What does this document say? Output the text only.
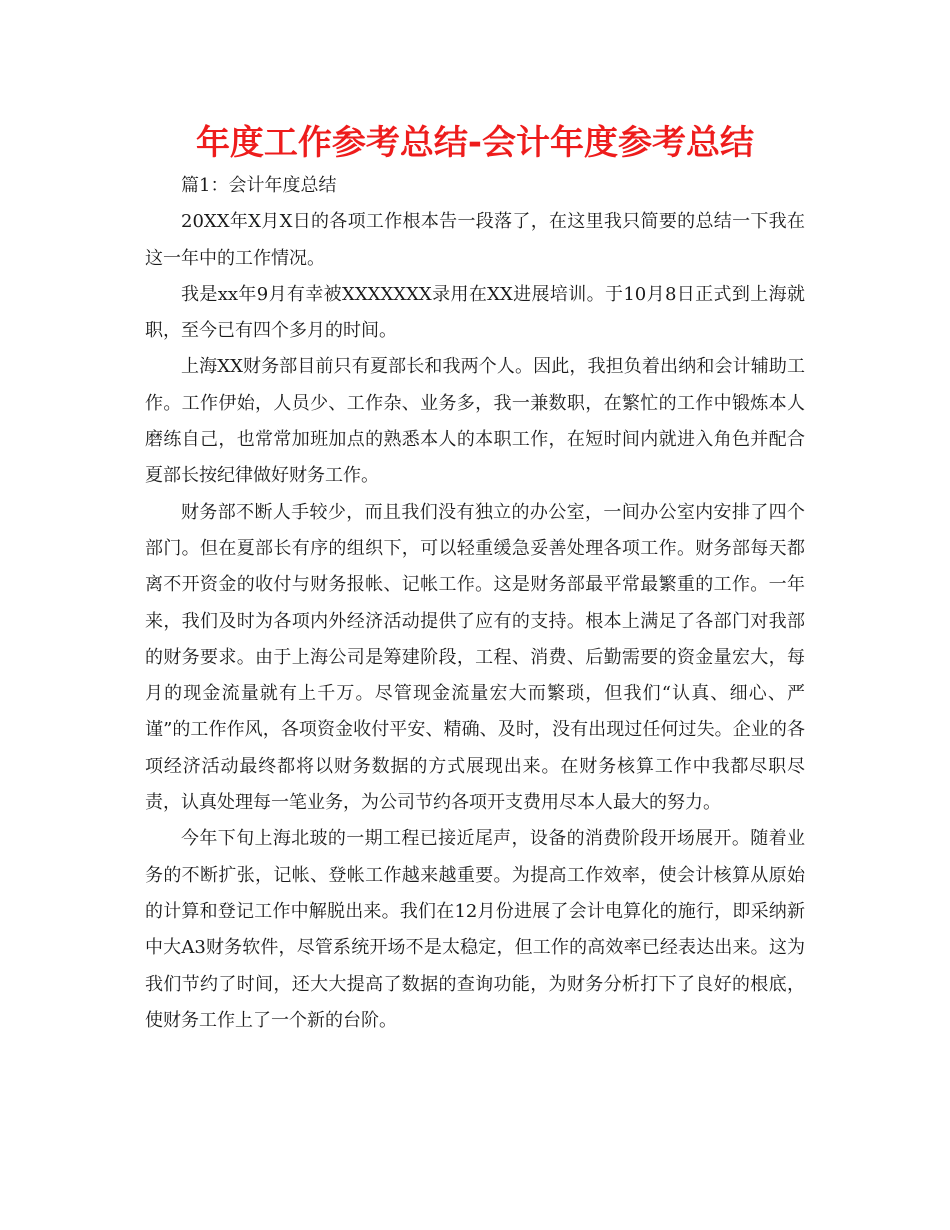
年度工作参考总结-会计年度参考总结

篇1：会计年度总结

20XX年X月X日的各项工作根本告一段落了，在这里我只简要的总结一下我在这一年中的工作情况。

我是xx年9月有幸被XXXXXXX录用在XX进展培训。于10月8日正式到上海就职，至今已有四个多月的时间。

上海XX财务部目前只有夏部长和我两个人。因此，我担负着出纳和会计辅助工作。工作伊始，人员少、工作杂、业务多，我一兼数职，在繁忙的工作中锻炼本人磨练自己，也常常加班加点的熟悉本人的本职工作，在短时间内就进入角色并配合夏部长按纪律做好财务工作。

财务部不断人手较少，而且我们没有独立的办公室，一间办公室内安排了四个部门。但在夏部长有序的组织下，可以轻重缓急妥善处理各项工作。财务部每天都离不开资金的收付与财务报帐、记帐工作。这是财务部最平常最繁重的工作。一年来，我们及时为各项内外经济活动提供了应有的支持。根本上满足了各部门对我部的财务要求。由于上海公司是筹建阶段，工程、消费、后勤需要的资金量宏大，每月的现金流量就有上千万。尽管现金流量宏大而繁琐，但我们“认真、细心、严谨”的工作作风，各项资金收付平安、精确、及时，没有出现过任何过失。企业的各项经济活动最终都将以财务数据的方式展现出来。在财务核算工作中我都尽职尽责，认真处理每一笔业务，为公司节约各项开支费用尽本人最大的努力。

今年下旬上海北玻的一期工程已接近尾声，设备的消费阶段开场展开。随着业务的不断扩张，记帐、登帐工作越来越重要。为提高工作效率，使会计核算从原始的计算和登记工作中解脱出来。我们在12月份进展了会计电算化的施行，即采纳新中大A3财务软件，尽管系统开场不是太稳定，但工作的高效率已经表达出来。这为我们节约了时间，还大大提高了数据的查询功能，为财务分析打下了良好的根底，使财务工作上了一个新的台阶。
